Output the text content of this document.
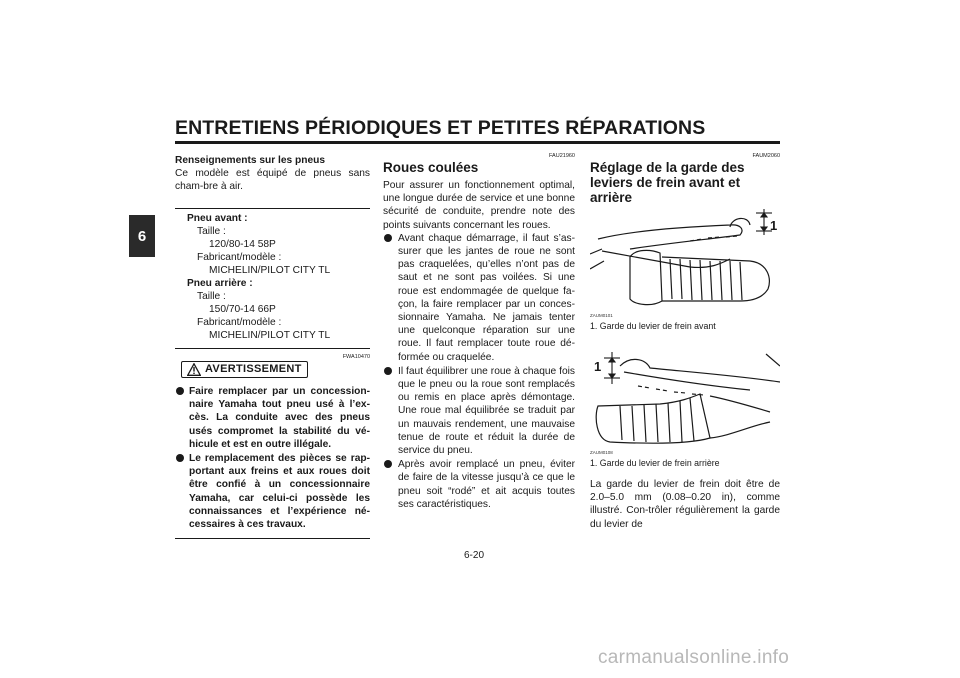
ENTRETIENS PÉRIODIQUES ET PETITES RÉPARATIONS
6
Renseignements sur les pneus

Ce modèle est équipé de pneus sans cham-bre à air.

Pneu avant :
Taille :
120/80-14 58P
Fabricant/modèle :
MICHELIN/PILOT CITY TL
Pneu arrière :
Taille :
150/70-14 66P
Fabricant/modèle :
MICHELIN/PILOT CITY TL
FWA10470
AVERTISSEMENT

Faire remplacer par un concession-naire Yamaha tout pneu usé à l’ex-cès. La conduite avec des pneus usés compromet la stabilité du vé-hicule et est en outre illégale.

Le remplacement des pièces se rap-portant aux freins et aux roues doit être confié à un concessionnaire Yamaha, car celui-ci possède les connaissances et l’expérience né-cessaires à ces travaux.

FAU21960
Roues coulées

Pour assurer un fonctionnement optimal, une longue durée de service et une bonne sécurité de conduite, prendre note des points suivants concernant les roues.

Avant chaque démarrage, il faut s’as-surer que les jantes de roue ne sont pas craquelées, qu’elles n’ont pas de saut et ne sont pas voilées. Si une roue est endommagée de quelque fa-çon, la faire remplacer par un conces-sionnaire Yamaha. Ne jamais tenter une quelconque réparation sur une roue. Il faut remplacer toute roue dé-formée ou craquelée.

Il faut équilibrer une roue à chaque fois que le pneu ou la roue sont remplacés ou remis en place après démontage. Une roue mal équilibrée se traduit par un mauvais rendement, une mauvaise tenue de route et réduit la durée de service du pneu.

Après avoir remplacé un pneu, éviter de faire de la vitesse jusqu’à ce que le pneu soit “rodé” et ait acquis toutes ses caractéristiques.

FAUM2060
Réglage de la garde des leviers de frein avant et arrière
1
ZAUM0101
1. Garde du levier de frein avant
1
ZAUM0108
1. Garde du levier de frein arrière

La garde du levier de frein doit être de 2.0–5.0 mm (0.08–0.20 in), comme illustré. Con-trôler régulièrement la garde du levier de

6-20
carmanualsonline.info
